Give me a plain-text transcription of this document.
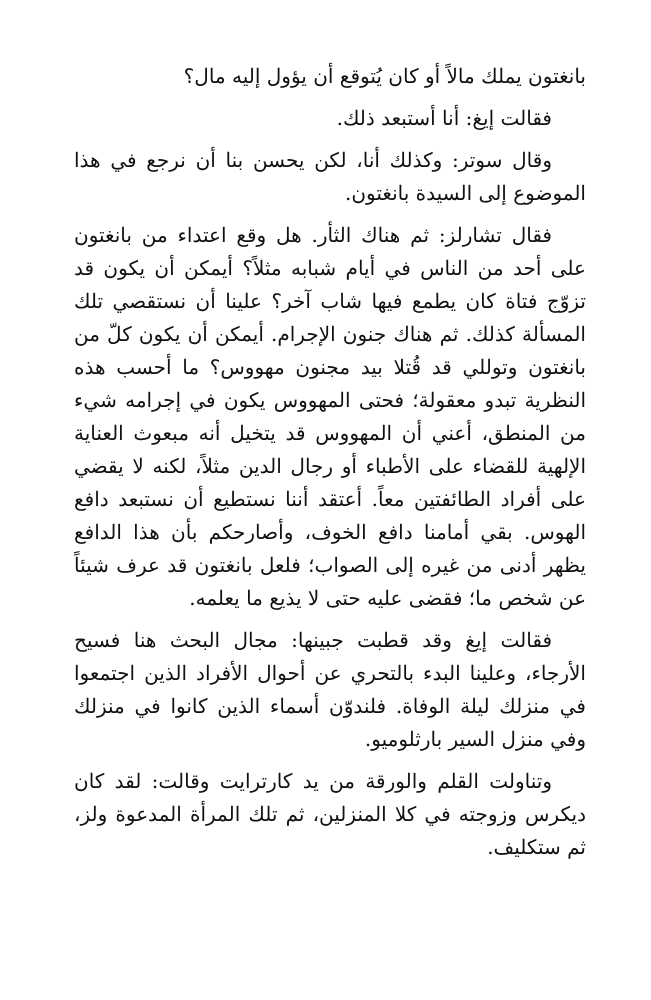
بانغتون يملك مالاً أو كان يُتوقع أن يؤول إليه مال؟

فقالت إيغ: أنا أستبعد ذلك.

وقال سوتر: وكذلك أنا، لكن يحسن بنا أن نرجع في هذا الموضوع إلى السيدة بانغتون.

فقال تشارلز: ثم هناك الثأر. هل وقع اعتداء من بانغتون على أحد من الناس في أيام شبابه مثلاً؟ أيمكن أن يكون قد تزوّج فتاة كان يطمع فيها شاب آخر؟ علينا أن نستقصي تلك المسألة كذلك. ثم هناك جنون الإجرام. أيمكن أن يكون كلّ من بانغتون وتوللي قد قُتلا بيد مجنون مهووس؟ ما أحسب هذه النظرية تبدو معقولة؛ فحتى المهووس يكون في إجرامه شيء من المنطق، أعني أن المهووس قد يتخيل أنه مبعوث العناية الإلهية للقضاء على الأطباء أو رجال الدين مثلاً، لكنه لا يقضي على أفراد الطائفتين معاً. أعتقد أننا نستطيع أن نستبعد دافع الهوس. بقي أمامنا دافع الخوف، وأصارحكم بأن هذا الدافع يظهر أدنى من غيره إلى الصواب؛ فلعل بانغتون قد عرف شيئاً عن شخص ما؛ فقضى عليه حتى لا يذيع ما يعلمه.

فقالت إيغ وقد قطبت جبينها: مجال البحث هنا فسيح الأرجاء، وعلينا البدء بالتحري عن أحوال الأفراد الذين اجتمعوا في منزلك ليلة الوفاة. فلندوّن أسماء الذين كانوا في منزلك وفي منزل السير بارثلوميو.

وتناولت القلم والورقة من يد كارترايت وقالت: لقد كان ديكرس وزوجته في كلا المنزلين، ثم تلك المرأة المدعوة ولز، ثم ستكليف.
